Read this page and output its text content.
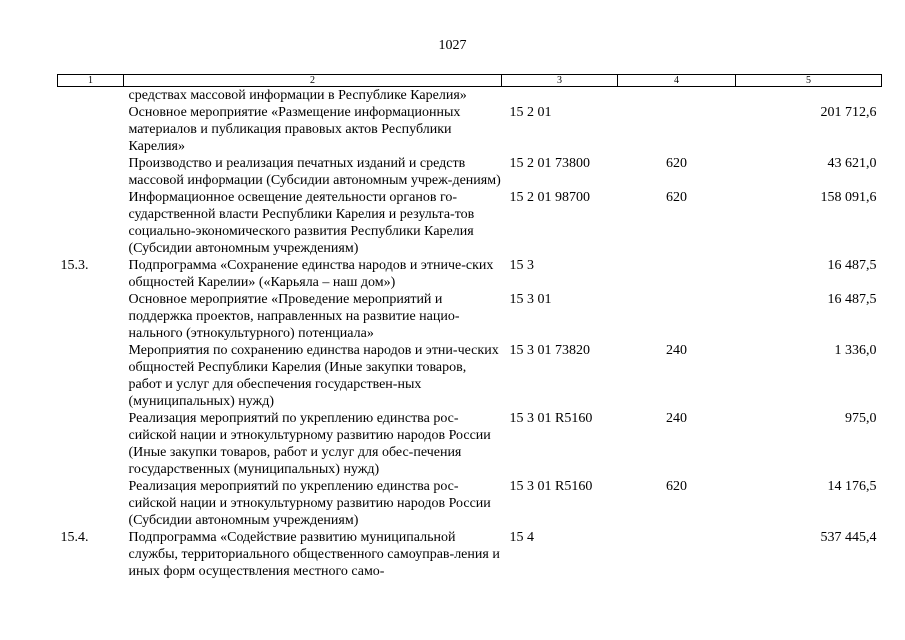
1027
1	2	3	4	5
	средствах массовой информации в Республике Карелия»			
	Основное мероприятие «Размещение информационных материалов и публикация правовых актов Республики Карелия»	15 2 01		201 712,6
	Производство и реализация печатных изданий и средств массовой информации (Субсидии автономным учреж-дениям)	15 2 01 73800	620	43 621,0
	Информационное освещение деятельности органов го-сударственной власти Республики Карелия и результа-тов социально-экономического развития Республики Карелия (Субсидии автономным учреждениям)	15 2 01 98700	620	158 091,6
15.3.	Подпрограмма «Сохранение единства народов и этниче-ских общностей Карелии» («Карьяла – наш дом»)	15 3		16 487,5
	Основное мероприятие «Проведение мероприятий и поддержка проектов, направленных на развитие нацио-нального (этнокультурного) потенциала»	15 3 01		16 487,5
	Мероприятия по сохранению единства народов и этни-ческих общностей Республики Карелия (Иные закупки товаров, работ и услуг для обеспечения государствен-ных (муниципальных) нужд)	15 3 01 73820	240	1 336,0
	Реализация мероприятий по укреплению единства рос-сийской нации и этнокультурному развитию народов России (Иные закупки товаров, работ и услуг для обес-печения государственных (муниципальных) нужд)	15 3 01 R5160	240	975,0
	Реализация мероприятий по укреплению единства рос-сийской нации и этнокультурному развитию народов России (Субсидии автономным учреждениям)	15 3 01 R5160	620	14 176,5
15.4.	Подпрограмма «Содействие развитию муниципальной службы, территориального общественного самоуправ-ления и иных форм осуществления местного само-	15 4		537 445,4
